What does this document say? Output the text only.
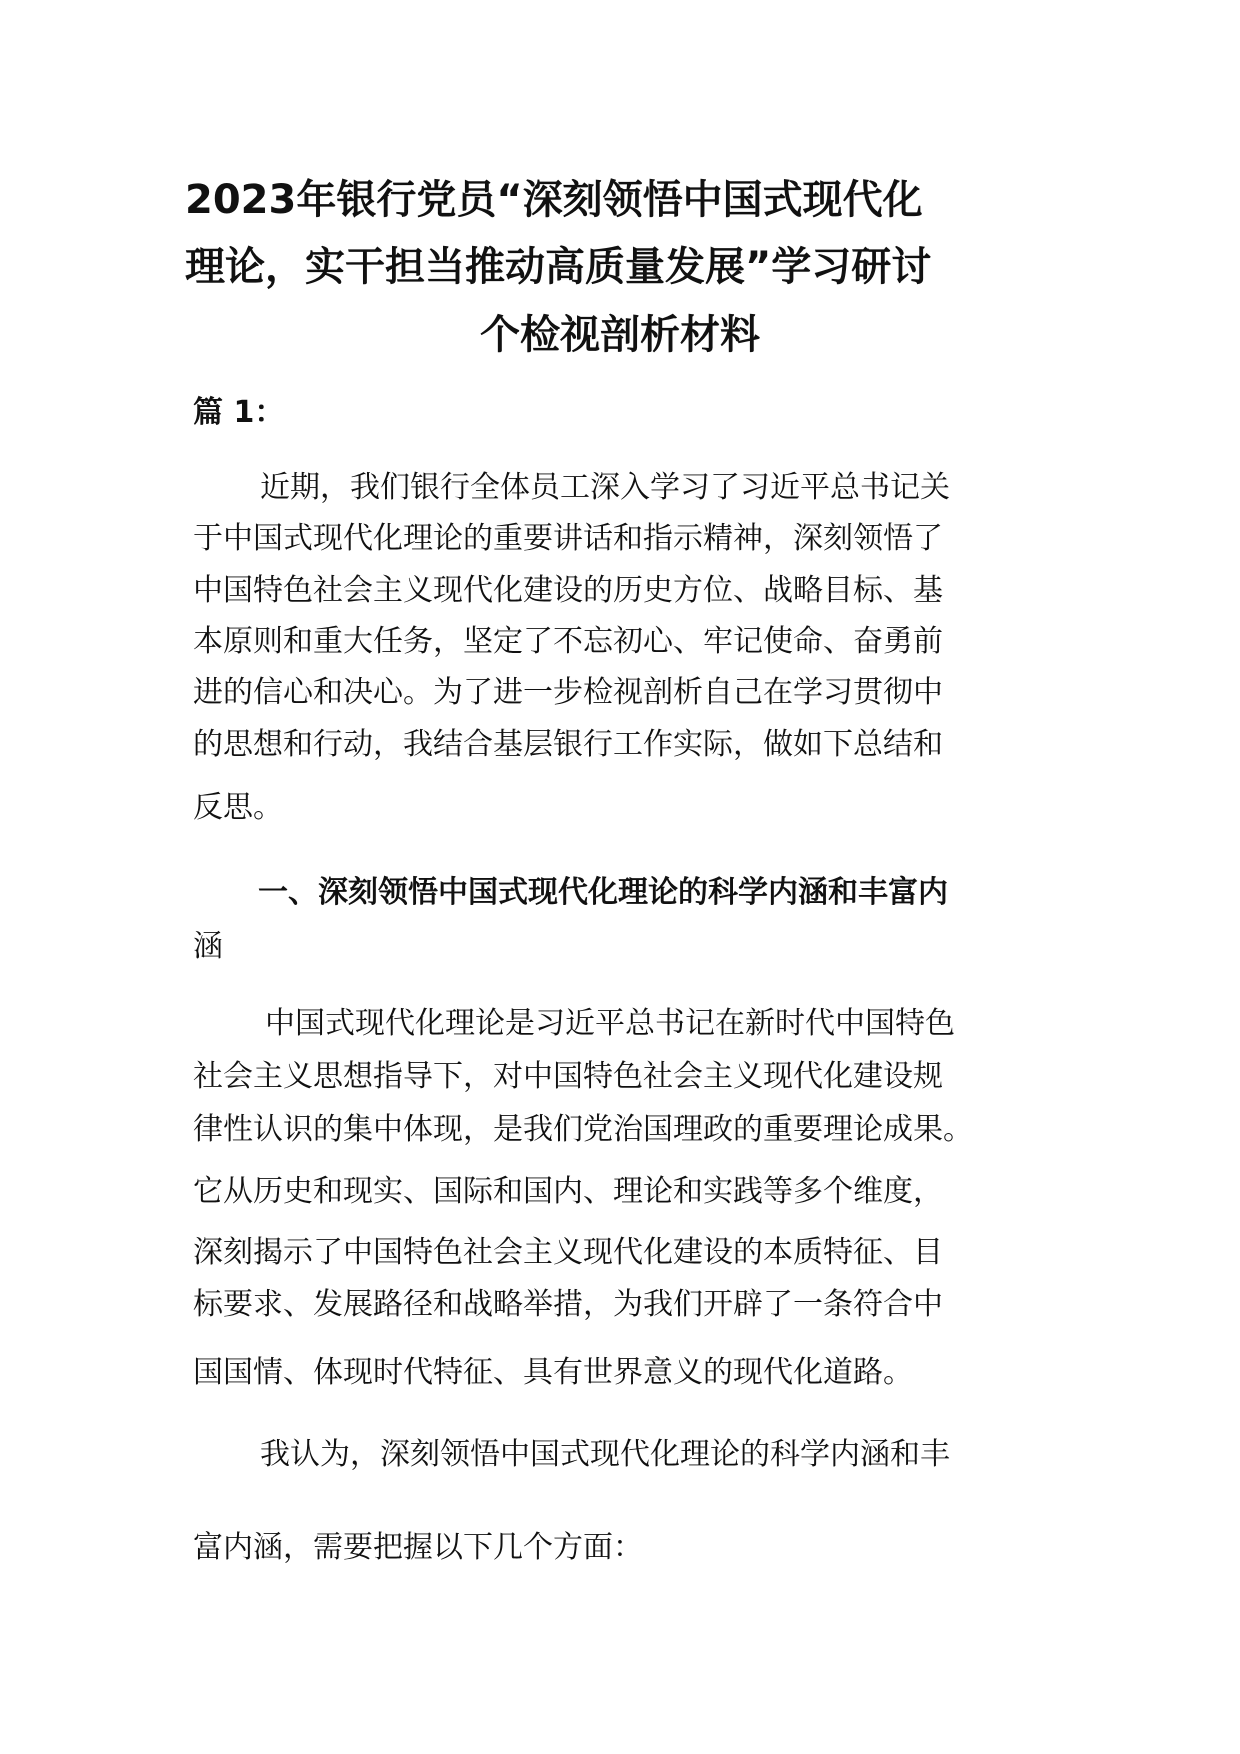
2023年银行党员“深刻领悟中国式现代化
理论，实干担当推动高质量发展”学习研讨
个检视剖析材料
篇 1：
近期，我们银行全体员工深入学习了习近平总书记关
于中国式现代化理论的重要讲话和指示精神，深刻领悟了
中国特色社会主义现代化建设的历史方位、战略目标、基
本原则和重大任务，坚定了不忘初心、牢记使命、奋勇前
进的信心和决心。为了进一步检视剖析自己在学习贯彻中
的思想和行动，我结合基层银行工作实际，做如下总结和
反思。
一、深刻领悟中国式现代化理论的科学内涵和丰富内
涵
中国式现代化理论是习近平总书记在新时代中国特色
社会主义思想指导下，对中国特色社会主义现代化建设规
律性认识的集中体现，是我们党治国理政的重要理论成果。
它从历史和现实、国际和国内、理论和实践等多个维度，
深刻揭示了中国特色社会主义现代化建设的本质特征、目
标要求、发展路径和战略举措，为我们开辟了一条符合中
国国情、体现时代特征、具有世界意义的现代化道路。
我认为，深刻领悟中国式现代化理论的科学内涵和丰
富内涵，需要把握以下几个方面：
